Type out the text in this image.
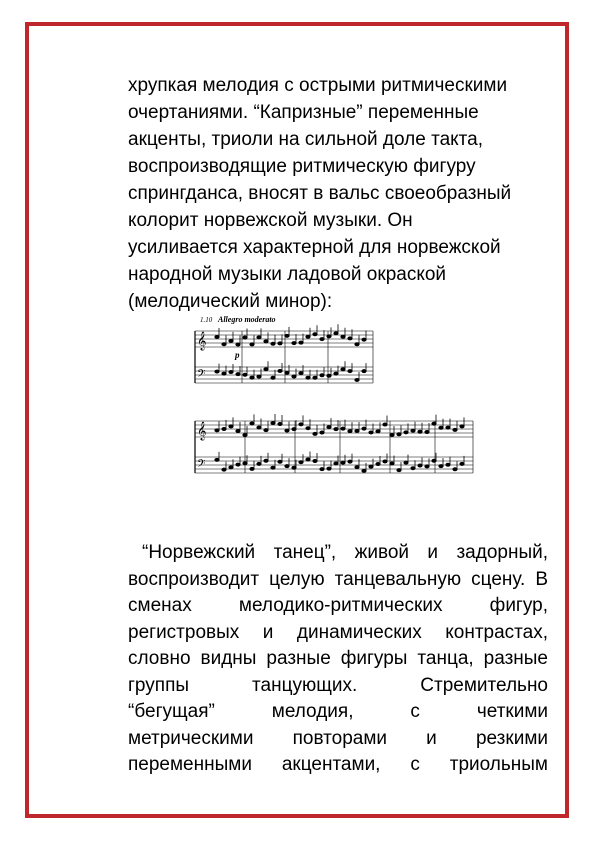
хрупкая мелодия с острыми ритмическими
очертаниями. “Капризные” переменные
акценты, триоли на сильной доле такта,
воспроизводящие ритмическую фигуру
спрингданса, вносят в вальс своеобразный
колорит норвежской музыки. Он
усиливается характерной для норвежской
народной музыки ладовой окраской
(мелодический минор):
1.10 Allegro moderato
p
𝄞
𝄢
𝄞
𝄢
“Норвежский танец”, живой и задорный,
воспроизводит целую танцевальную сцену. В
сменах мелодико-ритмических фигур,
регистровых и динамических контрастах,
словно видны разные фигуры танца, разные
группы танцующих. Стремительно
“бегущая” мелодия, с четкими
метрическими повторами и резкими
переменными акцентами, с триольным
